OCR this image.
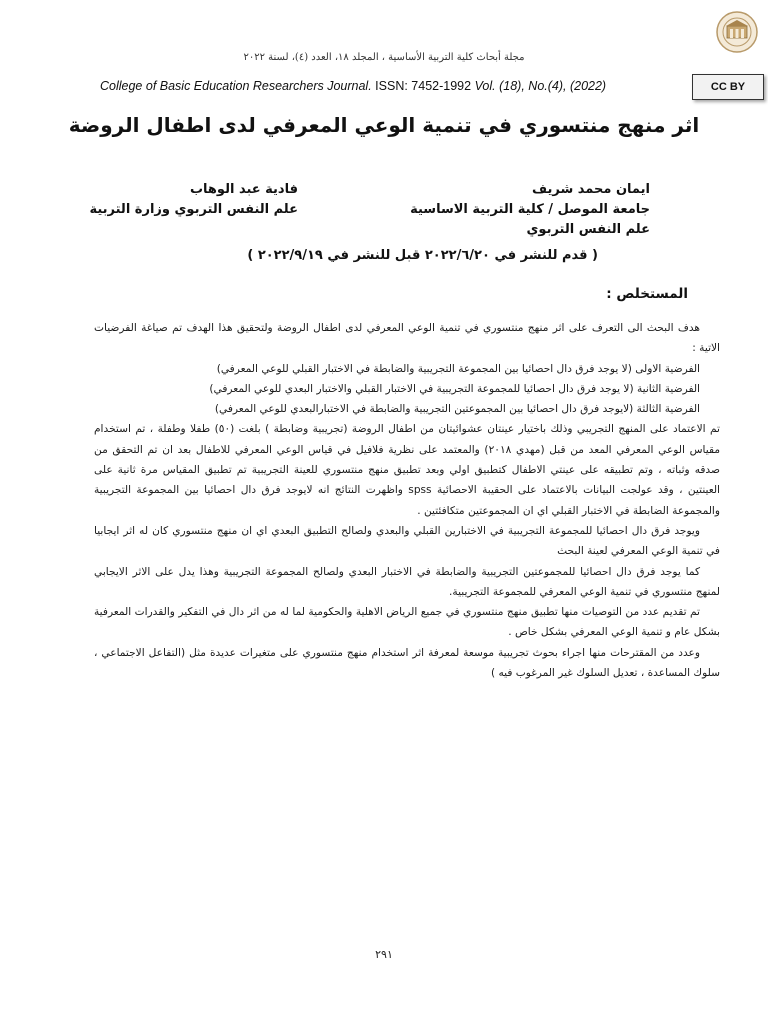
مجلة أبحاث كلية التربية الأساسية ، المجلد ١٨، العدد (٤)، لسنة ٢٠٢٢
College of Basic Education Researchers Journal. ISSN: 7452-1992 Vol. (18), No.(4), (2022)	CC BY
اثر منهج منتسوري في تنمية الوعي المعرفي لدى اطفال الروضة
ايمان محمد شريف
جامعة الموصل / كلية التربية الاساسية
علم النفس التربوي
فادية عبد الوهاب
علم النفس التربوي وزارة التربية
( قدم للنشر في ٢٠٢٢/٦/٢٠ قبل للنشر في ٢٠٢٢/٩/١٩ )
المستخلص :

هدف البحث الى التعرف على اثر منهج منتسوري في تنمية الوعي المعرفي لدى اطفال الروضة ولتحقيق هذا الهدف تم صياغة الفرضيات الاتية :

الفرضية الاولى (لا يوجد فرق دال احصائيا بين المجموعة التجريبية والضابطة في الاختبار القبلي للوعي المعرفي)

الفرضية الثانية (لا يوجد فرق دال احصائيا للمجموعة التجريبية في الاختبار القبلي والاختبار البعدي للوعي المعرفي)

الفرضية الثالثة (لايوجد فرق دال احصائيا بين المجموعتين التجريبية والضابطة في الاختبارالبعدي للوعي المعرفي)

تم الاعتماد على المنهج التجريبي وذلك باختيار عينتان عشوائيتان من اطفال الروضة (تجريبية وضابطة ) بلغت (٥٠) طفلا وطفلة ، تم استخدام مقياس الوعي المعرفي المعد من قبل (مهدي ٢٠١٨) والمعتمد على نظرية فلافيل في قياس الوعي المعرفي للاطفال بعد ان تم التحقق من صدقه وثباته ، وتم تطبيقه على عينتي الاطفال كتطبيق اولي وبعد تطبيق منهج منتسوري للعينة التجريبية تم تطبيق المقياس مرة ثانية على العينتين ، وقد عولجت البيانات بالاعتماد على الحقيبة الاحصائية spss واظهرت النتائج انه لايوجد فرق دال احصائيا بين المجموعة التجريبية والمجموعة الضابطة في الاختبار القبلي اي ان المجموعتين متكافئتين .

ويوجد فرق دال احصائيا للمجموعة التجريبية في الاختبارين القبلي والبعدي ولصالح التطبيق البعدي اي ان منهج منتسوري كان له اثر ايجابيا في تنمية الوعي المعرفي لعينة البحث

كما يوجد فرق دال احصائيا للمجموعتين التجريبية والضابطة في الاختبار البعدي ولصالح المجموعة التجريبية وهذا يدل على الاثر الايجابي لمنهج منتسوري في تنمية الوعي المعرفي للمجموعة التجريبية.

تم تقديم عدد من التوصيات منها تطبيق منهج منتسوري في جميع الرياض الاهلية والحكومية لما له من اثر دال في التفكير والقدرات المعرفية بشكل عام و تنمية الوعي المعرفي بشكل خاص .

وعدد من المقترحات منها اجراء بحوث تجريبية موسعة لمعرفة اثر استخدام منهج منتسوري على متغيرات عديدة مثل (التفاعل الاجتماعي ، سلوك المساعدة ، تعديل السلوك غير المرغوب فيه )

٢٩١
